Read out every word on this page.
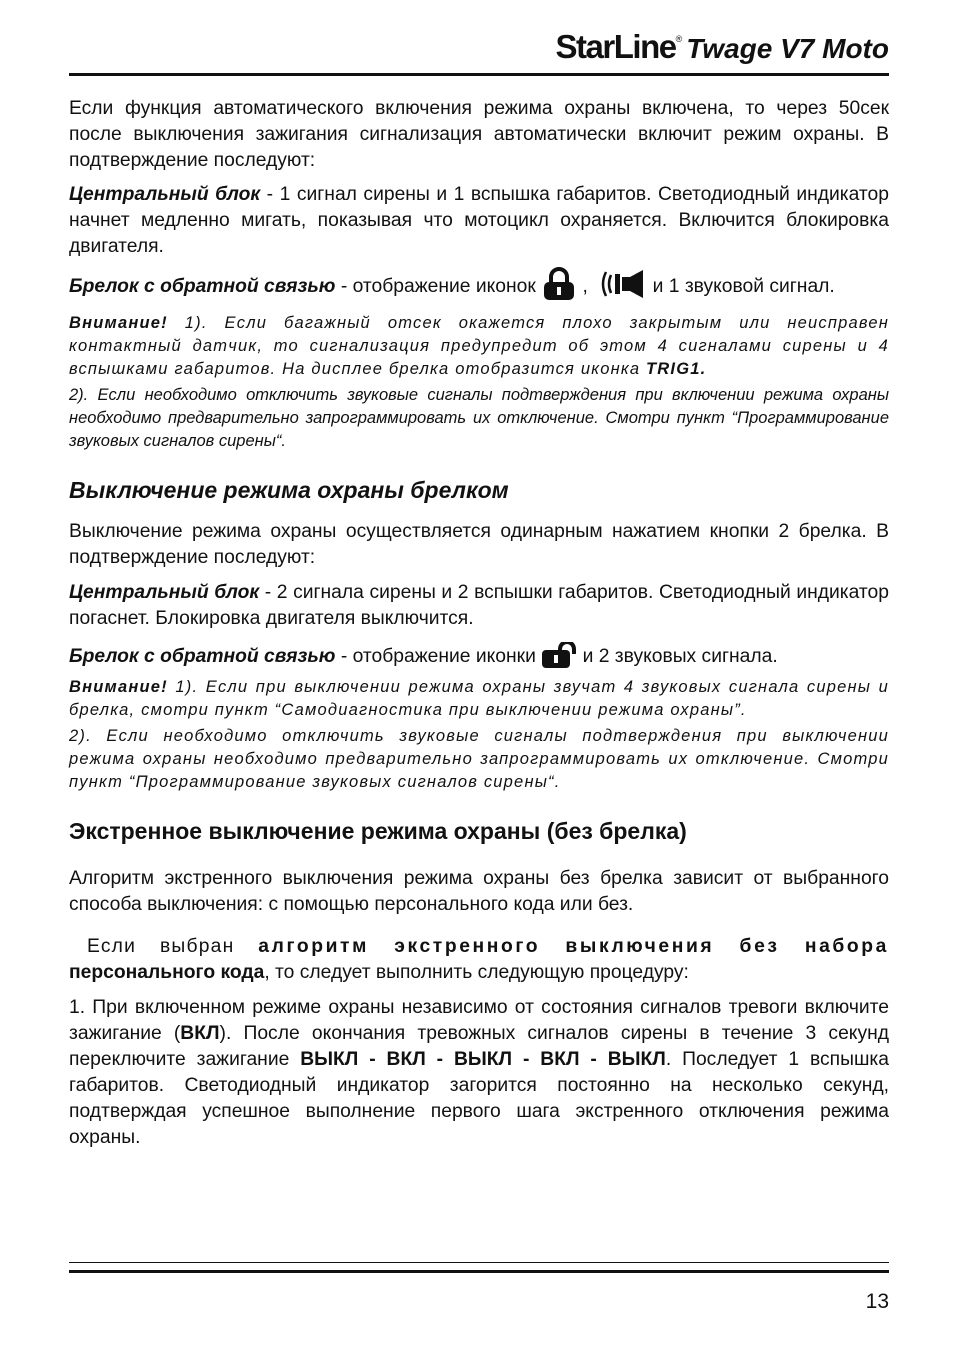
StarLine® Twage V7 Moto

Если функция автоматического включения режима охраны включена, то через 50сек после выключения зажигания сигнализация автоматически включит режим охраны. В подтверждение последуют:

Центральный блок - 1 сигнал сирены и 1 вспышка габаритов. Светодиодный индикатор начнет медленно мигать, показывая что мотоцикл охраняется. Включится блокировка двигателя.

Брелок с обратной связью - отображение иконок ,	и 1 звуковой сигнал.

Внимание! 1). Если багажный отсек окажется плохо закрытым или неисправен контактный датчик, то сигнализация предупредит об этом 4 сигналами сирены и 4 вспышками габаритов. На дисплее брелка отобразится иконка TRIG1.

2). Если необходимо отключить звуковые сигналы подтверждения при включении режима охраны необходимо предварительно запрограммировать их отключение. Смотри пункт “Программирование звуковых сигналов сирены“.

Выключение режима охраны брелком

Выключение режима охраны осуществляется одинарным нажатием кнопки 2 брелка. В подтверждение последуют:

Центральный блок - 2 сигнала сирены и 2 вспышки габаритов. Светодиодный индикатор погаснет. Блокировка двигателя выключится.

Брелок с обратной связью - отображение иконки  и 2 звуковых сигнала.

Внимание! 1). Если при выключении режима охраны звучат 4 звуковых сигнала сирены и брелка, смотри пункт “Самодиагностика при выключении режима охраны”.

2). Если необходимо отключить звуковые сигналы подтверждения при выключении режима охраны необходимо предварительно запрограммировать их отключение. Смотри пункт “Программирование звуковых сигналов сирены“.

Экстренное выключение режима охраны (без брелка)

Алгоритм экстренного выключения режима охраны без брелка зависит от выбранного способа выключения: с помощью персонального кода или без.

Если выбран алгоритм экстренного выключения без набора персонального кода, то следует выполнить следующую процедуру:

1. При включенном режиме охраны независимо от состояния сигналов тревоги включите зажигание (ВКЛ). После окончания тревожных сигналов сирены в течение 3 секунд переключите зажигание ВЫКЛ - ВКЛ - ВЫКЛ - ВКЛ - ВЫКЛ. Последует 1 вспышка габаритов. Светодиодный индикатор загорится постоянно на несколько секунд, подтверждая успешное выполнение первого шага экстренного отключения режима охраны.

13
